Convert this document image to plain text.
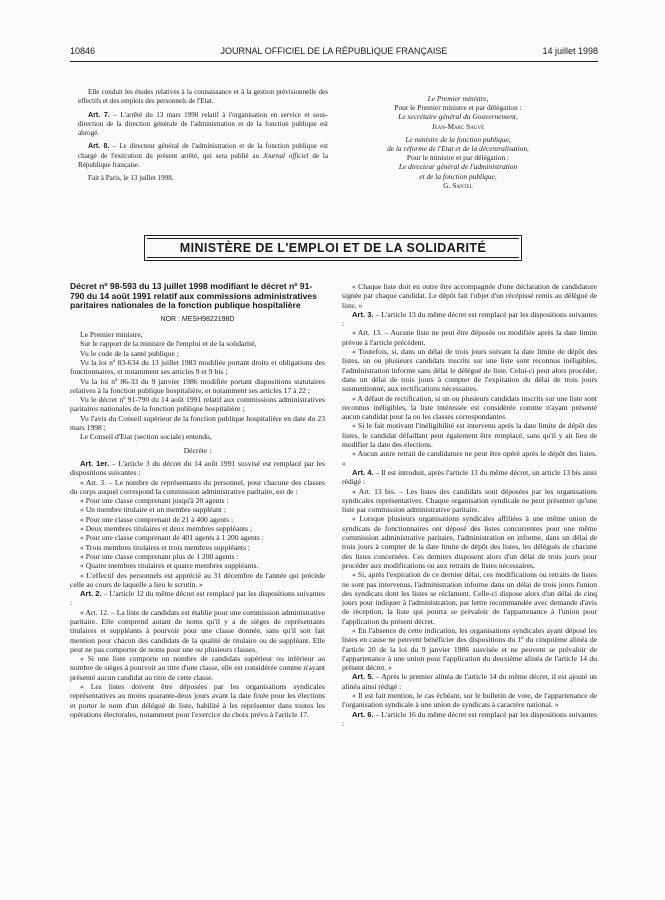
10846	JOURNAL OFFICIEL DE LA RÉPUBLIQUE FRANÇAISE	14 juillet 1998

Elle conduit les études relatives à la connaissance et à la gestion prévisionnelle des effectifs et des emplois des personnels de l'Etat.

Art. 7. – L'arrêté du 13 mars 1990 relatif à l'organisation en service et sous-direction de la direction générale de l'administration et de la fonction publique est abrogé.

Art. 8. – Le directeur général de l'administration et de la fonction publique est chargé de l'exécution du présent arrêté, qui sera publié au Journal officiel de la République française.

Fait à Paris, le 13 juillet 1998.

Le Premier ministre,
Pour le Premier ministre et par délégation :
Le secrétaire général du Gouvernement,
Jean-Marc Sauvé
Le ministre de la fonction publique,
de la réforme de l'Etat et de la décentralisation,
Pour le ministre et par délégation :
Le directeur général de l'administration
et de la fonction publique,
G. Santel
MINISTÈRE DE L'EMPLOI ET DE LA SOLIDARITÉ
Décret nº 98-593 du 13 juillet 1998 modifiant le décret nº 91-790 du 14 août 1991 relatif aux commissions administratives paritaires nationales de la fonction publique hospitalière
NOR : MESH9822198D

Le Premier ministre,

Sur le rapport de la ministre de l'emploi et de la solidarité,

Vu le code de la santé publique ;

Vu la loi nº 83-634 du 13 juillet 1983 modifiée portant droits et obligations des fonctionnaires, et notamment ses articles 9 et 9 bis ;

Vu la loi nº 86-33 du 9 janvier 1986 modifiée portant dispositions statutaires relatives à la fonction publique hospitalière, et notamment ses articles 17 à 22 ;

Vu le décret nº 91-790 du 14 août 1991 relatif aux commissions administratives paritaires nationales de la fonction publique hospitalière ;

Vu l'avis du Conseil supérieur de la fonction publique hospitalière en date du 23 mars 1998 ;

Le Conseil d'Etat (section sociale) entendu,

Décrète :

Art. 1er. – L'article 3 du décret du 14 août 1991 susvisé est remplacé par les dispositions suivantes :

« Art. 3. – Le nombre de représentants du personnel, pour chacune des classes du corps auquel correspond la commission administrative paritaire, est de :

« Pour une classe comprenant jusqu'à 20 agents :

« Un membre titulaire et un membre suppléant ;

« Pour une classe comprenant de 21 à 400 agents :

« Deux membres titulaires et deux membres suppléants ;

« Pour une classe comprenant de 401 agents à 1 200 agents :

« Trois membres titulaires et trois membres suppléants ;

« Pour une classe comprenant plus de 1 200 agents :

« Quatre membres titulaires et quatre membres suppléants.

« L'effectif des personnels est apprécié au 31 décembre de l'année qui précède celle au cours de laquelle a lieu le scrutin. »

Art. 2. – L'article 12 du même décret est remplacé par les dispositions suivantes :

« Art. 12. – La liste de candidats est établie pour une commission administrative paritaire. Elle comprend autant de noms qu'il y a de sièges de représentants titulaires et suppléants à pourvoir pour une classe donnée, sans qu'il soit fait mention pour chacun des candidats de la qualité de titulaire ou de suppléant. Elle peut ne pas comporter de noms pour une ou plusieurs classes.

« Si une liste comporte un nombre de candidats supérieur ou inférieur au nombre de sièges à pourvoir au titre d'une classe, elle est considérée comme n'ayant présenté aucun candidat au titre de cette classe.

« Les listes doivent être déposées par les organisations syndicales représentatives au moins quarante-deux jours avant la date fixée pour les élections et porter le nom d'un délégué de liste, habilité à les représenter dans toutes les opérations électorales, notamment pour l'exercice du choix prévu à l'article 17.

« Chaque liste doit en outre être accompagnée d'une déclaration de candidature signée par chaque candidat. Le dépôt fait l'objet d'un récépissé remis au délégué de liste. »

Art. 3. – L'article 13 du même décret est remplacé par les dispositions suivantes :

« Art. 13. – Aucune liste ne peut être déposée ou modifiée après la date limite prévue à l'article précédent.

« Toutefois, si, dans un délai de trois jours suivant la date limite de dépôt des listes, un ou plusieurs candidats inscrits sur une liste sont reconnus inéligibles, l'administration informe sans délai le délégué de liste. Celui-ci peut alors procéder, dans un délai de trois jours à compter de l'expiration du délai de trois jours susmentionné, aux rectifications nécessaires.

« A défaut de rectification, si un ou plusieurs candidats inscrits sur une liste sont reconnus inéligibles, la liste intéressée est considérée comme n'ayant présenté aucun candidat pour la ou les classes correspondantes.

« Si le fait motivant l'inéligibilité est intervenu après la date limite de dépôt des listes, le candidat défaillant peut également être remplacé, sans qu'il y ait lieu de modifier la date des élections.

« Aucun autre retrait de candidature ne peut être opéré après le dépôt des listes. »

Art. 4. – Il est introduit, après l'article 13 du même décret, un article 13 bis ainsi rédigé :

« Art. 13 bis. – Les listes des candidats sont déposées par les organisations syndicales représentatives. Chaque organisation syndicale ne peut présenter qu'une liste par commission administrative paritaire.

« Lorsque plusieurs organisations syndicales affiliées à une même union de syndicats de fonctionnaires ont déposé des listes concurrentes pour une même commission administrative paritaire, l'administration en informe, dans un délai de trois jours à compter de la date limite de dépôt des listes, les délégués de chacune des listes concernées. Ces derniers disposent alors d'un délai de trois jours pour procéder aux modifications ou aux retraits de listes nécessaires.

« Si, après l'expiration de ce dernier délai, ces modifications ou retraits de listes ne sont pas intervenus, l'administration informe dans un délai de trois jours l'union des syndicats dont les listes se réclament. Celle-ci dispose alors d'un délai de cinq jours pour indiquer à l'administration, par lettre recommandée avec demande d'avis de réception, la liste qui pourra se prévaloir de l'appartenance à l'union pour l'application du présent décret.

« En l'absence de cette indication, les organisations syndicales ayant déposé les listes en cause ne peuvent bénéficier des dispositions du 1º du cinquième alinéa de l'article 20 de la loi du 9 janvier 1986 susvisée et ne peuvent se prévaloir de l'appartenance à une union pour l'application du deuxième alinéa de l'article 14 du présent décret. »

Art. 5. – Après le premier alinéa de l'article 14 du même décret, il est ajouté un alinéa ainsi rédigé :

« Il est fait mention, le cas échéant, sur le bulletin de vote, de l'appartenance de l'organisation syndicale à une union de syndicats à caractère national. »

Art. 6. – L'article 16 du même décret est remplacé par les dispositions suivantes :
